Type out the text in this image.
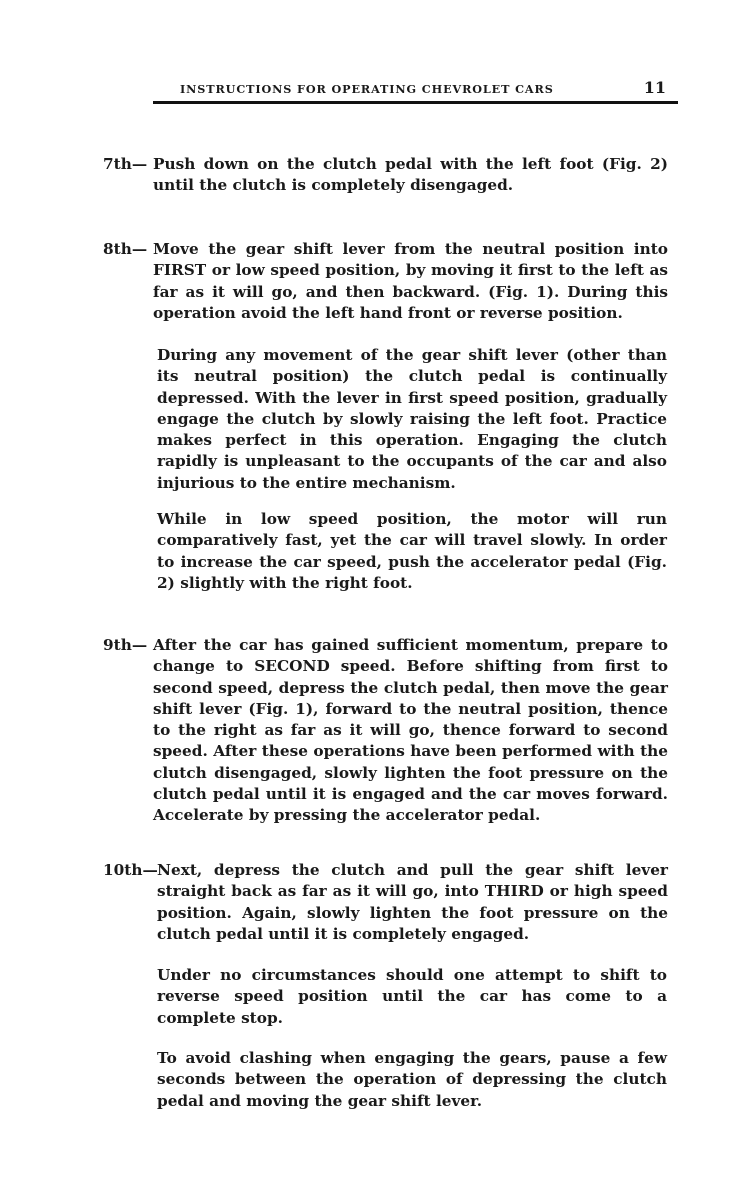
INSTRUCTIONS FOR OPERATING CHEVROLET CARS	11
7th— Push down on the clutch pedal with the left foot (Fig. 2) until the clutch is completely disengaged.
8th— Move the gear shift lever from the neutral position into FIRST or low speed position, by moving it first to the left as far as it will go, and then backward. (Fig. 1). During this operation avoid the left hand front or reverse position.
During any movement of the gear shift lever (other than its neutral position) the clutch pedal is continually depressed. With the lever in first speed position, gradually engage the clutch by slowly raising the left foot. Practice makes perfect in this operation. Engaging the clutch rapidly is unpleasant to the occupants of the car and also injurious to the entire mechanism.
While in low speed position, the motor will run comparatively fast, yet the car will travel slowly. In order to increase the car speed, push the accelerator pedal (Fig. 2) slightly with the right foot.
9th— After the car has gained sufficient momentum, prepare to change to SECOND speed. Before shifting from first to second speed, depress the clutch pedal, then move the gear shift lever (Fig. 1), forward to the neutral position, thence to the right as far as it will go, thence forward to second speed. After these operations have been performed with the clutch disengaged, slowly lighten the foot pressure on the clutch pedal until it is engaged and the car moves forward. Accelerate by pressing the accelerator pedal.
10th— Next, depress the clutch and pull the gear shift lever straight back as far as it will go, into THIRD or high speed position. Again, slowly lighten the foot pressure on the clutch pedal until it is completely engaged.
Under no circumstances should one attempt to shift to reverse speed position until the car has come to a complete stop.
To avoid clashing when engaging the gears, pause a few seconds between the operation of depressing the clutch pedal and moving the gear shift lever.
